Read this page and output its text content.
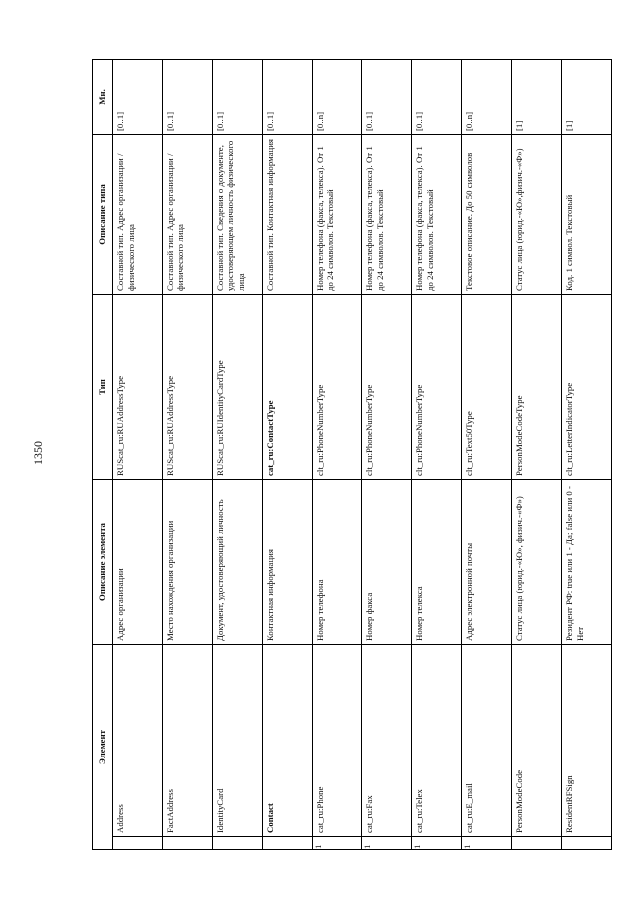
1350
Элемент	Описание элемента	Тип	Описание типа	Мн.

Address	Адрес организации	RUScat_ru:RUAddressType	Составной тип. Адрес организации / физического лица	[0..1]

FactAddress	Место нахождения организации	RUScat_ru:RUAddressType	Составной тип. Адрес организации / физического лица	[0..1]

IdentityCard	Документ, удостоверяющий личность	RUScat_ru:RUIdentityCardType	Составной тип. Сведения о документе, удостоверяющем личность физического лица	[0..1]

Contact	Контактная информация	cat_ru:ContactType	Составной тип. Контактная информация	[0..1]

1
cat_ru:Phone	Номер телефона	clt_ru:PhoneNumberType	Номер телефона (факса, телекса). От 1 до 24 символов. Текстовый	[0..n]

1
cat_ru:Fax	Номер факса	clt_ru:PhoneNumberType	Номер телефона (факса, телекса). От 1 до 24 символов. Текстовый	[0..1]

1
cat_ru:Telex	Номер телекса	clt_ru:PhoneNumberType	Номер телефона (факса, телекса). От 1 до 24 символов. Текстовый	[0..1]

1
cat_ru:E_mail	Адрес электронной почты	clt_ru:Text50Type	Текстовое описание. До 50 символов	[0..n]

PersonModeCode	Статус лица (юрид.-«Ю», физич.-«Ф»)	PersonModeCodeType	Статус лица (юрид.-«Ю»,физич.-«Ф»)	[1]

ResidentRFSign	Резидент РФ: true или 1 - Да; false или 0 - Нет	clt_ru:LetterIndicatorType	Код. 1 символ. Текстовый	[1]
